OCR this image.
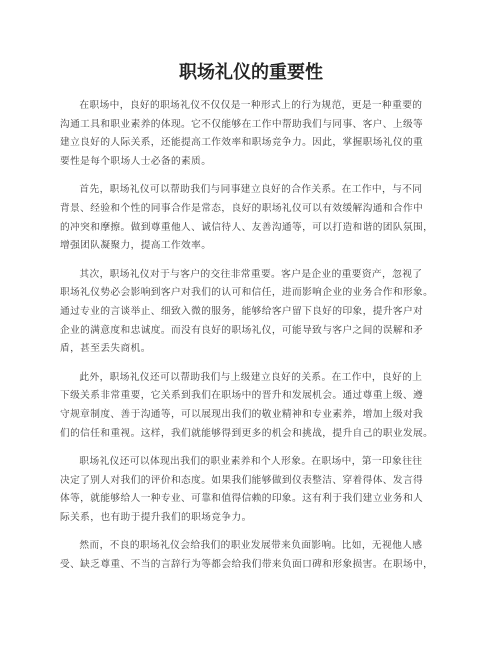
职场礼仪的重要性

在职场中，良好的职场礼仪不仅仅是一种形式上的行为规范，更是一种重要的
沟通工具和职业素养的体现。它不仅能够在工作中帮助我们与同事、客户、上级等
建立良好的人际关系，还能提高工作效率和职场竞争力。因此，掌握职场礼仪的重
要性是每个职场人士必备的素质。

首先，职场礼仪可以帮助我们与同事建立良好的合作关系。在工作中，与不同
背景、经验和个性的同事合作是常态，良好的职场礼仪可以有效缓解沟通和合作中
的冲突和摩擦。做到尊重他人、诚信待人、友善沟通等，可以打造和谐的团队氛围，
增强团队凝聚力，提高工作效率。

其次，职场礼仪对于与客户的交往非常重要。客户是企业的重要资产，忽视了
职场礼仪势必会影响到客户对我们的认可和信任，进而影响企业的业务合作和形象。
通过专业的言谈举止、细致入微的服务，能够给客户留下良好的印象，提升客户对
企业的满意度和忠诚度。而没有良好的职场礼仪，可能导致与客户之间的误解和矛
盾，甚至丢失商机。

此外，职场礼仪还可以帮助我们与上级建立良好的关系。在工作中，良好的上
下级关系非常重要，它关系到我们在职场中的晋升和发展机会。通过尊重上级、遵
守规章制度、善于沟通等，可以展现出我们的敬业精神和专业素养，增加上级对我
们的信任和重视。这样，我们就能够得到更多的机会和挑战，提升自己的职业发展。

职场礼仪还可以体现出我们的职业素养和个人形象。在职场中，第一印象往往
决定了别人对我们的评价和态度。如果我们能够做到仪表整洁、穿着得体、发言得
体等，就能够给人一种专业、可靠和值得信赖的印象。这有利于我们建立业务和人
际关系，也有助于提升我们的职场竞争力。

然而，不良的职场礼仪会给我们的职业发展带来负面影响。比如，无视他人感
受、缺乏尊重、不当的言辞行为等都会给我们带来负面口碑和形象损害。在职场中，
